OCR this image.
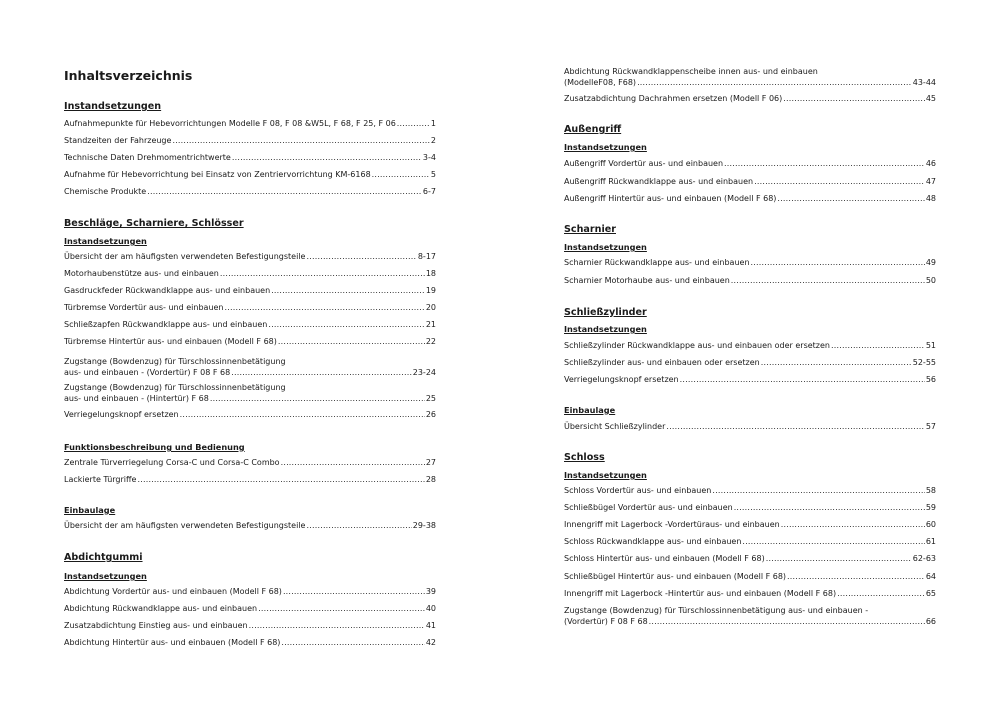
Inhaltsverzeichnis
Instandsetzungen
Aufnahmepunkte für Hebevorrichtungen Modelle F 08, F 08 &W5L, F 68, F 25, F 06 .....	1
Standzeiten der Fahrzeuge .....	2
Technische Daten Drehmomentrichtwerte .....	3-4
Aufnahme für Hebevorrichtung bei Einsatz von Zentriervorrichtung KM-6168 .....	5
Chemische Produkte .....	6-7
Beschläge, Scharniere, Schlösser
Instandsetzungen
Übersicht der am häufigsten verwendeten Befestigungsteile .....	8-17
Motorhaubenstütze aus- und einbauen .....	18
Gasdruckfeder Rückwandklappe aus- und einbauen .....	19
Türbremse Vordertür aus- und einbauen .....	20
Schließzapfen Rückwandklappe aus- und einbauen .....	21
Türbremse Hintertür aus- und einbauen (Modell F 68) .....	22
Zugstange (Bowdenzug) für Türschlossinnenbetätigung
aus- und einbauen - (Vordertür) F 08 F 68 .....	23-24
Zugstange (Bowdenzug) für Türschlossinnenbetätigung
aus- und einbauen - (Hintertür) F 68 .....	25
Verriegelungsknopf ersetzen .....	26
Funktionsbeschreibung und Bedienung
Zentrale Türverriegelung Corsa-C und Corsa-C Combo .....	27
Lackierte Türgriffe .....	28
Einbaulage
Übersicht der am häufigsten verwendeten Befestigungsteile .....	29-38
Abdichtgummi
Instandsetzungen
Abdichtung Vordertür aus- und einbauen (Modell F 68) .....	39
Abdichtung Rückwandklappe aus- und einbauen .....	40
Zusatzabdichtung Einstieg aus- und einbauen .....	41
Abdichtung Hintertür aus- und einbauen (Modell F 68) .....	42
Abdichtung Rückwandklappenscheibe innen aus- und einbauen
(ModelleF08, F68) .....	43-44
Zusatzabdichtung Dachrahmen ersetzen (Modell F 06) .....	45
Außengriff
Instandsetzungen
Außengriff Vordertür aus- und einbauen .....	46
Außengriff Rückwandklappe aus- und einbauen .....	47
Außengriff Hintertür aus- und einbauen (Modell F 68) .....	48
Scharnier
Instandsetzungen
Scharnier Rückwandklappe aus- und einbauen .....	49
Scharnier Motorhaube aus- und einbauen .....	50
Schließzylinder
Instandsetzungen
Schließzylinder Rückwandklappe aus- und einbauen oder ersetzen .....	51
Schließzylinder aus- und einbauen oder ersetzen .....	52-55
Verriegelungsknopf ersetzen .....	56
Einbaulage
Übersicht Schließzylinder .....	57
Schloss
Instandsetzungen
Schloss Vordertür aus- und einbauen .....	58
Schließbügel Vordertür aus- und einbauen .....	59
Innengriff mit Lagerbock -Vordertüraus- und einbauen .....	60
Schloss Rückwandklappe aus- und einbauen .....	61
Schloss Hintertür aus- und einbauen (Modell F 68) .....	62-63
Schließbügel Hintertür aus- und einbauen (Modell F 68) .....	64
Innengriff mit Lagerbock -Hintertür aus- und einbauen (Modell F 68) .....	65
Zugstange (Bowdenzug) für Türschlossinnenbetätigung aus- und einbauen -
(Vordertür) F 08 F 68 .....	66
